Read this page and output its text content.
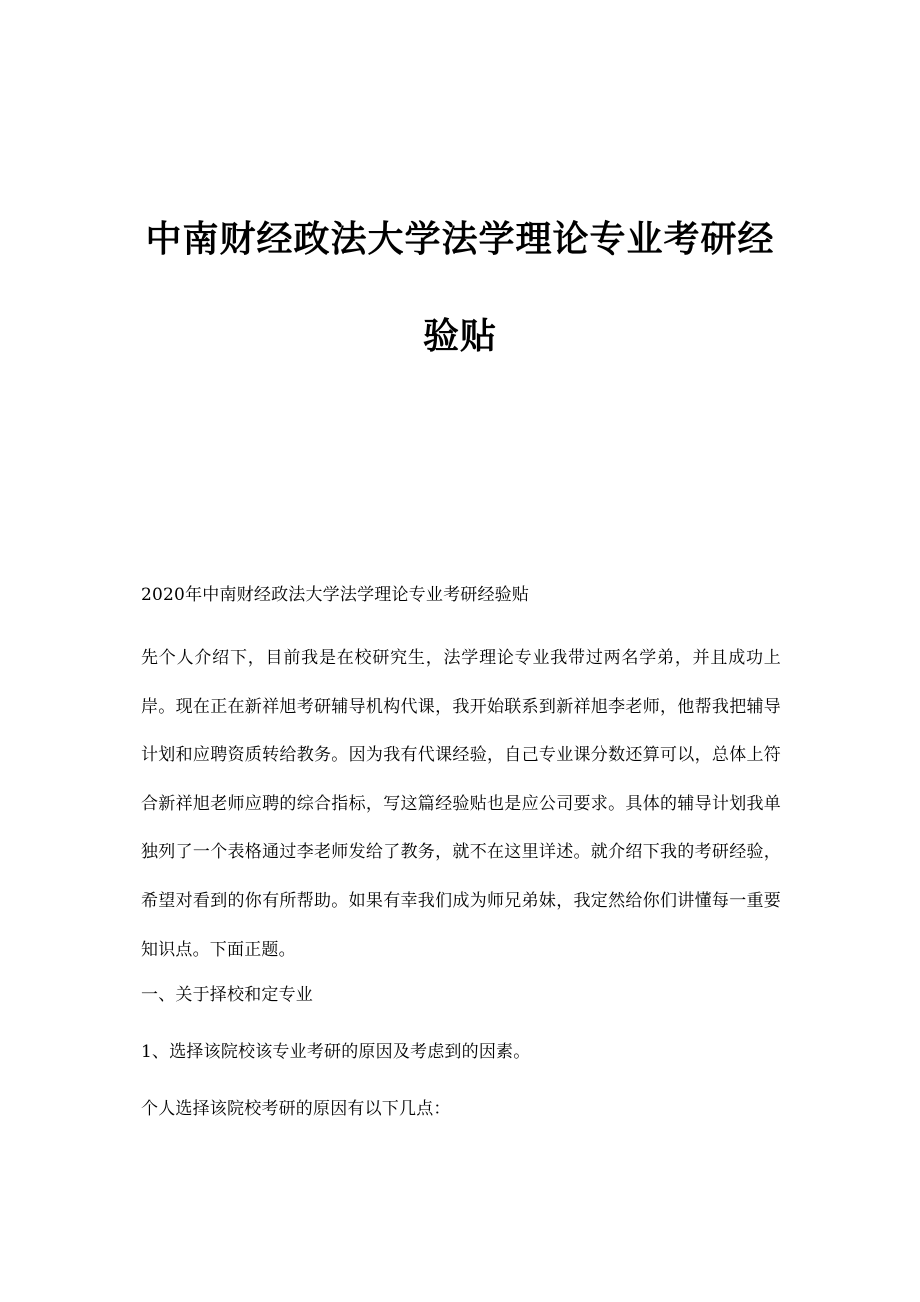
中南财经政法大学法学理论专业考研经
验贴
2020年中南财经政法大学法学理论专业考研经验贴
先个人介绍下，目前我是在校研究生，法学理论专业我带过两名学弟，并且成功上岸。现在正在新祥旭考研辅导机构代课，我开始联系到新祥旭李老师，他帮我把辅导计划和应聘资质转给教务。因为我有代课经验，自己专业课分数还算可以，总体上符合新祥旭老师应聘的综合指标，写这篇经验贴也是应公司要求。具体的辅导计划我单独列了一个表格通过李老师发给了教务，就不在这里详述。就介绍下我的考研经验，希望对看到的你有所帮助。如果有幸我们成为师兄弟妹，我定然给你们讲懂每一重要知识点。下面正题。
一、关于择校和定专业
1、选择该院校该专业考研的原因及考虑到的因素。
个人选择该院校考研的原因有以下几点：
